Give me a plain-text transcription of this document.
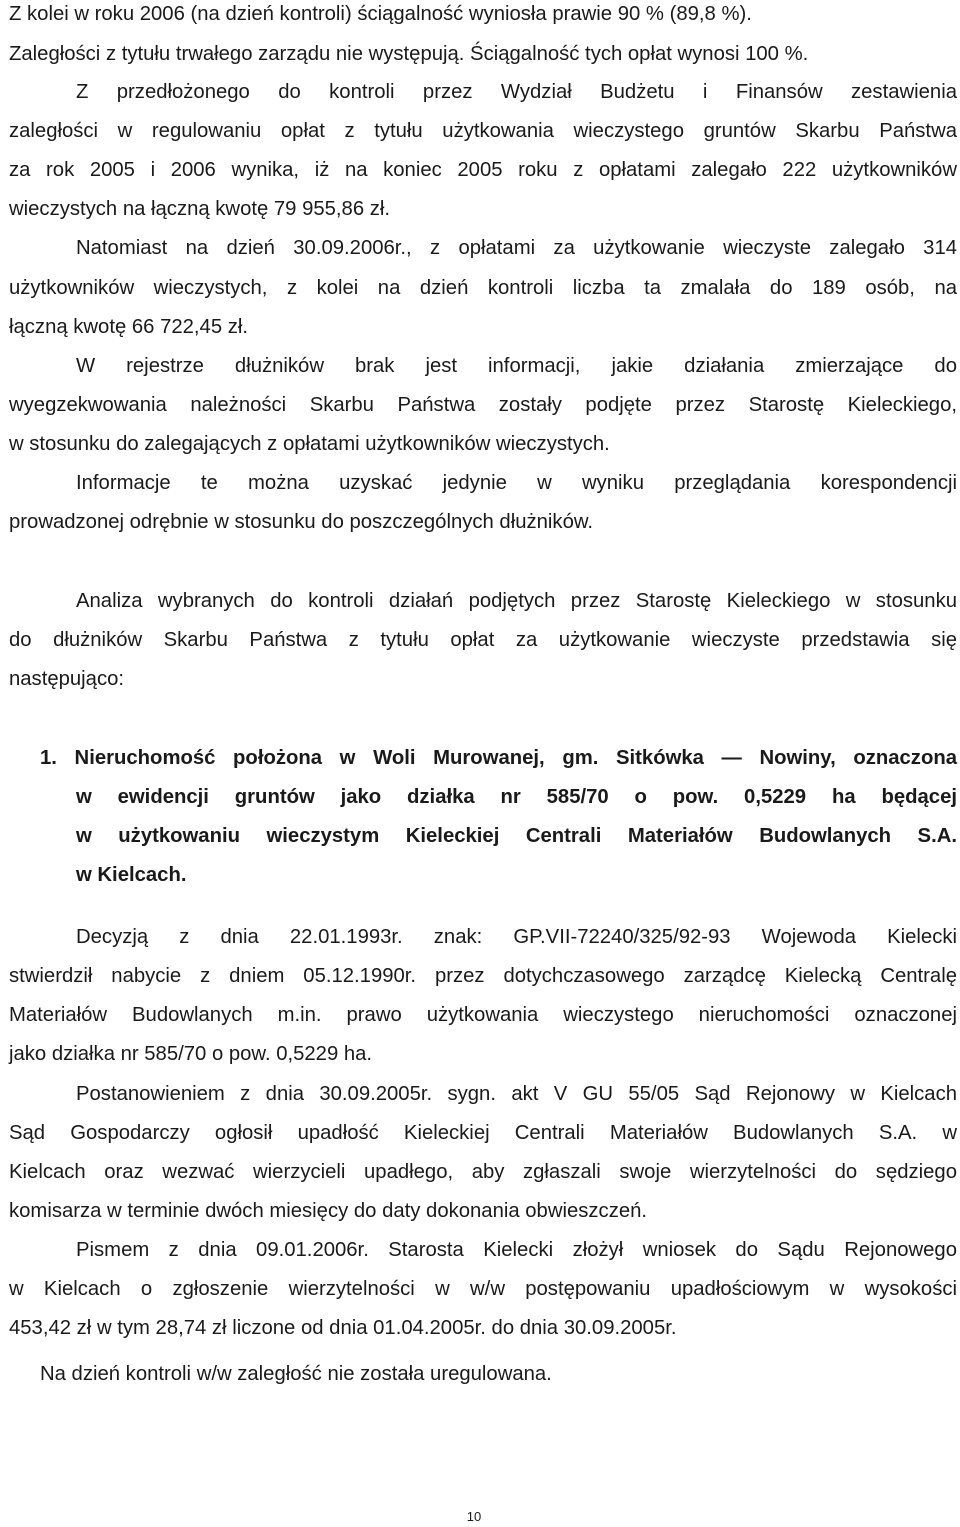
Z kolei w roku 2006 (na dzień kontroli) ściągalność wyniosła prawie 90 % (89,8 %).
Zaległości z tytułu trwałego zarządu nie występują. Ściągalność tych opłat wynosi 100 %.
Z przedłożonego do kontroli przez Wydział Budżetu i Finansów zestawienia
zaległości w regulowaniu opłat z tytułu użytkowania wieczystego gruntów Skarbu Państwa
za rok 2005 i 2006 wynika, iż na koniec 2005 roku z opłatami zalegało 222 użytkowników
wieczystych na łączną kwotę 79 955,86 zł.
Natomiast na dzień 30.09.2006r., z opłatami za użytkowanie wieczyste zalegało 314
użytkowników wieczystych, z kolei na dzień kontroli liczba ta zmalała do 189 osób, na
łączną kwotę 66 722,45 zł.
W rejestrze dłużników brak jest informacji, jakie działania zmierzające do
wyegzekwowania należności Skarbu Państwa zostały podjęte przez Starostę Kieleckiego,
w stosunku do zalegających z opłatami użytkowników wieczystych.
Informacje te można uzyskać jedynie w wyniku przeglądania korespondencji
prowadzonej odrębnie w stosunku do poszczególnych dłużników.
Analiza wybranych do kontroli działań podjętych przez Starostę Kieleckiego w stosunku
do dłużników Skarbu Państwa z tytułu opłat za użytkowanie wieczyste przedstawia się
następująco:
1. Nieruchomość położona w Woli Murowanej, gm. Sitkówka — Nowiny, oznaczona
w ewidencji gruntów jako działka nr 585/70 o pow. 0,5229 ha będącej
w użytkowaniu wieczystym Kieleckiej Centrali Materiałów Budowlanych S.A.
w Kielcach.
Decyzją z dnia 22.01.1993r. znak: GP.VII-72240/325/92-93 Wojewoda Kielecki
stwierdził nabycie z dniem 05.12.1990r. przez dotychczasowego zarządcę Kielecką Centralę
Materiałów Budowlanych m.in. prawo użytkowania wieczystego nieruchomości oznaczonej
jako działka nr 585/70 o pow. 0,5229 ha.
Postanowieniem z dnia 30.09.2005r. sygn. akt V GU 55/05 Sąd Rejonowy w Kielcach
Sąd Gospodarczy ogłosił upadłość Kieleckiej Centrali Materiałów Budowlanych S.A. w
Kielcach oraz wezwać wierzycieli upadłego, aby zgłaszali swoje wierzytelności do sędziego
komisarza w terminie dwóch miesięcy do daty dokonania obwieszczeń.
Pismem z dnia 09.01.2006r. Starosta Kielecki złożył wniosek do Sądu Rejonowego
w Kielcach o zgłoszenie wierzytelności w w/w postępowaniu upadłościowym w wysokości
453,42 zł w tym 28,74 zł liczone od dnia 01.04.2005r. do dnia 30.09.2005r.
Na dzień kontroli w/w zaległość nie została uregulowana.
10
